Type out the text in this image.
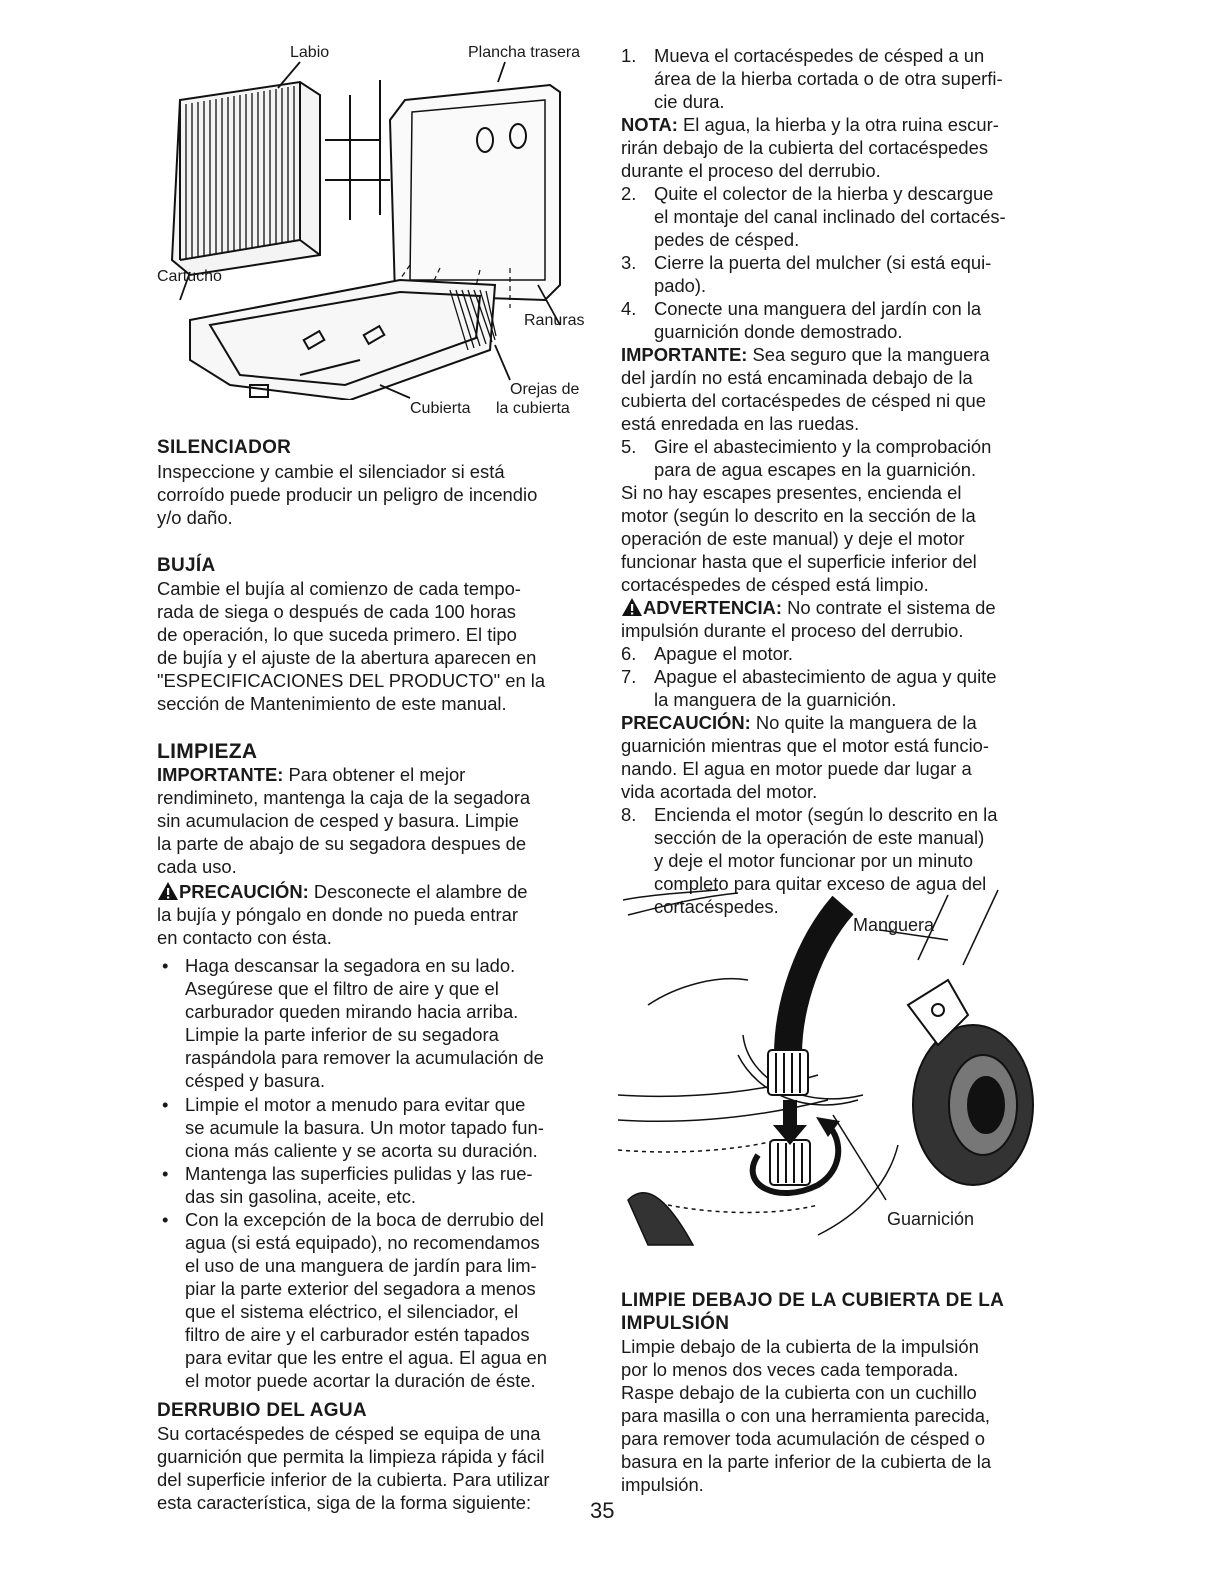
Labio	Plancha trasera
Cartucho
Ranuras
Orejas de
la cubierta
Cubierta
SILENCIADOR

Inspeccione y cambie el silenciador si está

corroído puede producir un peligro de incendio

y/o daño.

BUJÍA

Cambie el bujía al comienzo de cada tempo-

rada de siega o después de cada 100 horas

de operación, lo que suceda primero. El tipo

de bujía y el ajuste de la abertura aparecen en

"ESPECIFICACIONES DEL PRODUCTO" en la

sección de Mantenimiento de este manual.

LIMPIEZA

IMPORTANTE: Para obtener el mejor

rendimineto, mantenga la caja de la segadora

sin acumulacion de cesped y basura. Limpie

la parte de abajo de su segadora despues de

cada uso.

PRECAUCIÓN: Desconecte el alambre de

la bujía y póngalo en donde no pueda entrar

en contacto con ésta.

• Haga descansar la segadora en su lado.
Asegúrese que el filtro de aire y que el
carburador queden mirando hacia arriba.
Limpie la parte inferior de su segadora
raspándola para remover la acumulación de
césped y basura.
• Limpie el motor a menudo para evitar que
se acumule la basura. Un motor tapado fun-
ciona más caliente y se acorta su duración.
• Mantenga las superficies pulidas y las rue-
das sin gasolina, aceite, etc.
• Con la excepción de la boca de derrubio del
agua (si está equipado), no recomendamos
el uso de una manguera de jardín para lim-
piar la parte exterior del segadora a menos
que el sistema eléctrico, el silenciador, el
filtro de aire y el carburador estén tapados
para evitar que les entre el agua. El agua en
el motor puede acortar la duración de éste.
DERRUBIO DEL AGUA

Su cortacéspedes de césped se equipa de una

guarnición que permita la limpieza rápida y fácil

del superficie inferior de la cubierta. Para utilizar

esta característica, siga de la forma siguiente:

1. Mueva el cortacéspedes de césped a un
área de la hierba cortada o de otra superfi-
cie dura.

NOTA: El agua, la hierba y la otra ruina escur-

rirán debajo de la cubierta del cortacéspedes

durante el proceso del derrubio.

2. Quite el colector de la hierba y descargue
el montaje del canal inclinado del cortacés-
pedes de césped.
3. Cierre la puerta del mulcher (si está equi-
pado).
4. Conecte una manguera del jardín con la
guarnición donde demostrado.

IMPORTANTE: Sea seguro que la manguera

del jardín no está encaminada debajo de la

cubierta del cortacéspedes de césped ni que

está enredada en las ruedas.

5. Gire el abastecimiento y la comprobación
para de agua escapes en la guarnición.

Si no hay escapes presentes, encienda el

motor (según lo descrito en la sección de la

operación de este manual) y deje el motor

funcionar hasta que el superficie inferior del

cortacéspedes de césped está limpio.

ADVERTENCIA: No contrate el sistema de

impulsión durante el proceso del derrubio.

6. Apague el motor.
7. Apague el abastecimiento de agua y quite
la manguera de la guarnición.

PRECAUCIÓN: No quite la manguera de la

guarnición mientras que el motor está funcio-

nando. El agua en motor puede dar lugar a

vida acortada del motor.

8. Encienda el motor (según lo descrito en la
sección de la operación de este manual)
y deje el motor funcionar por un minuto
completo para quitar exceso de agua del
cortacéspedes.
Manguera
Guarnición
LIMPIE DEBAJO DE LA CUBIERTA DE LA
IMPULSIÓN

Limpie debajo de la cubierta de la impulsión

por lo menos dos veces cada temporada.

Raspe debajo de la cubierta con un cuchillo

para masilla o con una herramienta parecida,

para remover toda acumulación de césped o

basura en la parte inferior de la cubierta de la

impulsión.

35
